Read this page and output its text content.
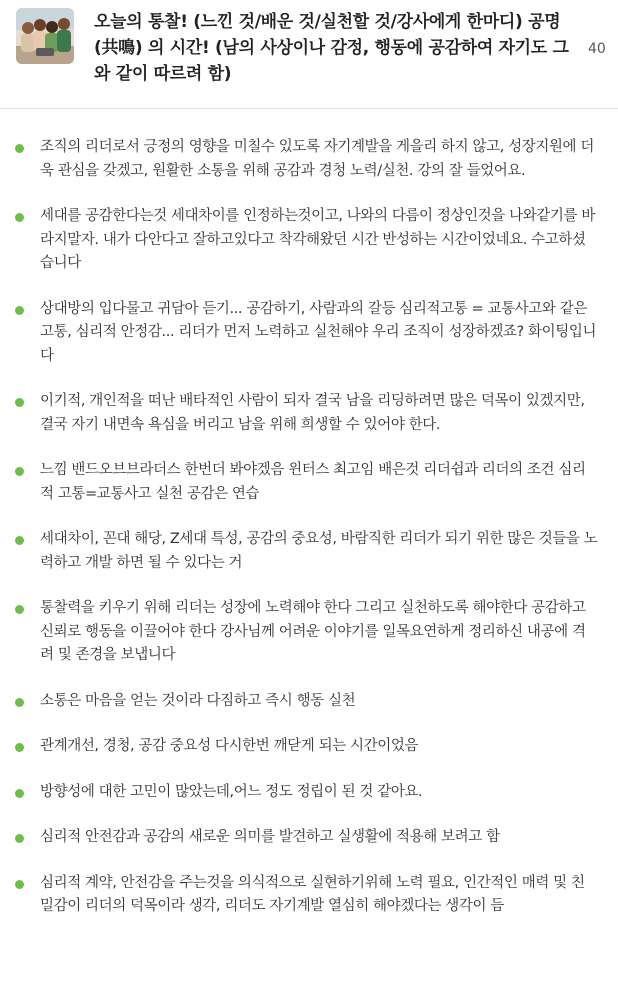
오늘의 통찰! (느낀 것/배운 것/실천할 것/강사에게 한마디) 공명(共鳴) 의 시간! (남의 사상이나 감정, 행동에 공감하여 자기도 그와 같이 따르려 함)
40
조직의 리더로서 긍정의 영향을 미칠수 있도록 자기계발을 게을리 하지 않고, 성장지원에 더욱 관심을 갖겠고, 원활한 소통을 위해 공감과 경청 노력/실천. 강의 잘 들었어요.
세대를 공감한다는것 세대차이를 인정하는것이고, 나와의 다름이 정상인것을 나와같기를 바라지말자. 내가 다안다고 잘하고있다고 착각해왔던 시간 반성하는 시간이었네요. 수고하셨습니다
상대방의 입다물고 귀담아 듣기... 공감하기, 사람과의 갈등 심리적고통 = 교통사고와 같은 고통, 심리적 안정감... 리더가 먼저 노력하고 실천해야 우리 조직이 성장하겠죠? 화이팅입니다
이기적, 개인적을 떠난 배타적인 사람이 되자 결국 남을 리딩하려면 많은 덕목이 있겠지만, 결국 자기 내면속 욕심을 버리고 남을 위해 희생할 수 있어야 한다.
느낌 밴드오브브라더스 한번더 봐야겠음 윈터스 최고임 배은것 리더쉽과 리더의 조건 심리적 고통=교통사고 실천 공감은 연습
세대차이, 꼰대 해당, Z세대 특성, 공감의 중요성, 바람직한 리더가 되기 위한 많은 것들을 노력하고 개발 하면 될 수 있다는 거
통찰력을 키우기 위해 리더는 성장에 노력해야 한다 그리고 실천하도록 해야한다 공감하고 신뢰로 행동을 이끌어야 한다 강사님께 어려운 이야기를 일목요연하게 정리하신 내공에 격려 및 존경을 보냅니다
소통은 마음을 얻는 것이라 다짐하고 즉시 행동 실천
관계개선, 경청, 공감 중요성 다시한번 깨닫게 되는 시간이었음
방향성에 대한 고민이 많았는데,어느 정도 정립이 된 것 같아요.
심리적 안전감과 공감의 새로운 의미를 발견하고 실생활에 적용해 보려고 함
심리적 계약, 안전감을 주는것을 의식적으로 실현하기위해 노력 필요, 인간적인 매력 및 친밀감이 리더의 덕목이라 생각, 리더도 자기계발 열심히 해야겠다는 생각이 듬
